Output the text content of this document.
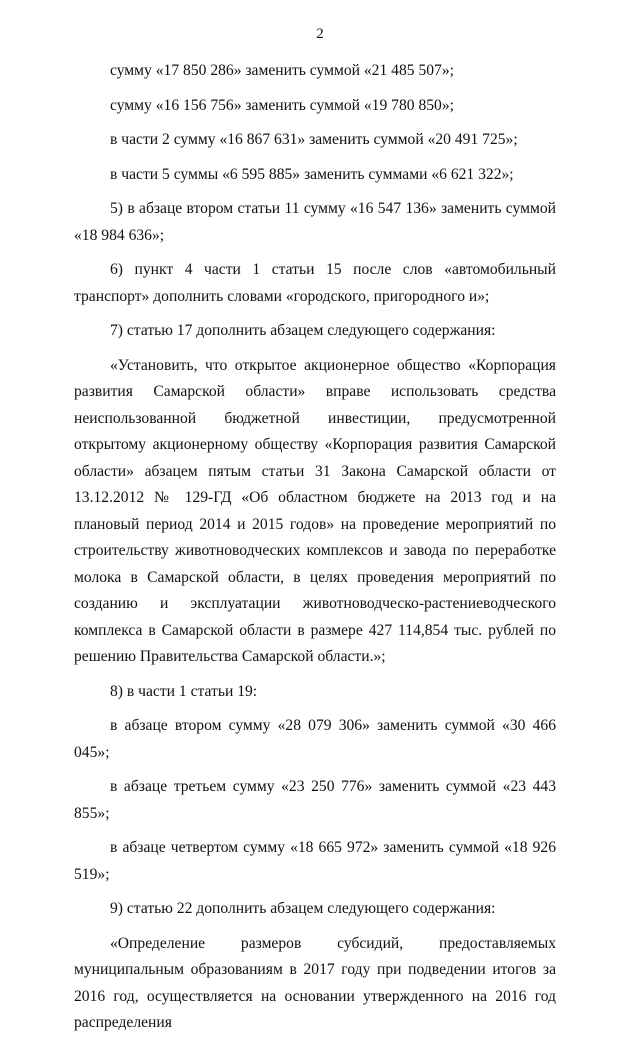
2

сумму «17 850 286» заменить суммой «21 485 507»;

сумму «16 156 756» заменить суммой «19 780 850»;

в части 2 сумму «16 867 631» заменить суммой «20 491 725»;

в части 5 суммы «6 595 885» заменить суммами «6 621 322»;

5) в абзаце втором статьи 11 сумму «16 547 136» заменить суммой «18 984 636»;

6) пункт 4 части 1 статьи 15 после слов «автомобильный транспорт» дополнить словами «городского, пригородного и»;

7) статью 17 дополнить абзацем следующего содержания:

«Установить, что открытое акционерное общество «Корпорация развития Самарской области» вправе использовать средства неиспользованной бюджетной инвестиции, предусмотренной открытому акционерному обществу «Корпорация развития Самарской области» абзацем пятым статьи 31 Закона Самарской области от 13.12.2012 № 129-ГД «Об областном бюджете на 2013 год и на плановый период 2014 и 2015 годов» на проведение мероприятий по строительству животноводческих комплексов и завода по переработке молока в Самарской области, в целях проведения мероприятий по созданию и эксплуатации животноводческо-растениеводческого комплекса в Самарской области в размере 427 114,854 тыс. рублей по решению Правительства Самарской области.»;

8) в части 1 статьи 19:

в абзаце втором сумму «28 079 306» заменить суммой «30 466 045»;

в абзаце третьем сумму «23 250 776» заменить суммой «23 443 855»;

в абзаце четвертом сумму «18 665 972» заменить суммой «18 926 519»;

9) статью 22 дополнить абзацем следующего содержания:

«Определение размеров субсидий, предоставляемых муниципальным образованиям в 2017 году при подведении итогов за 2016 год, осуществляется на основании утвержденного на 2016 год распределения
